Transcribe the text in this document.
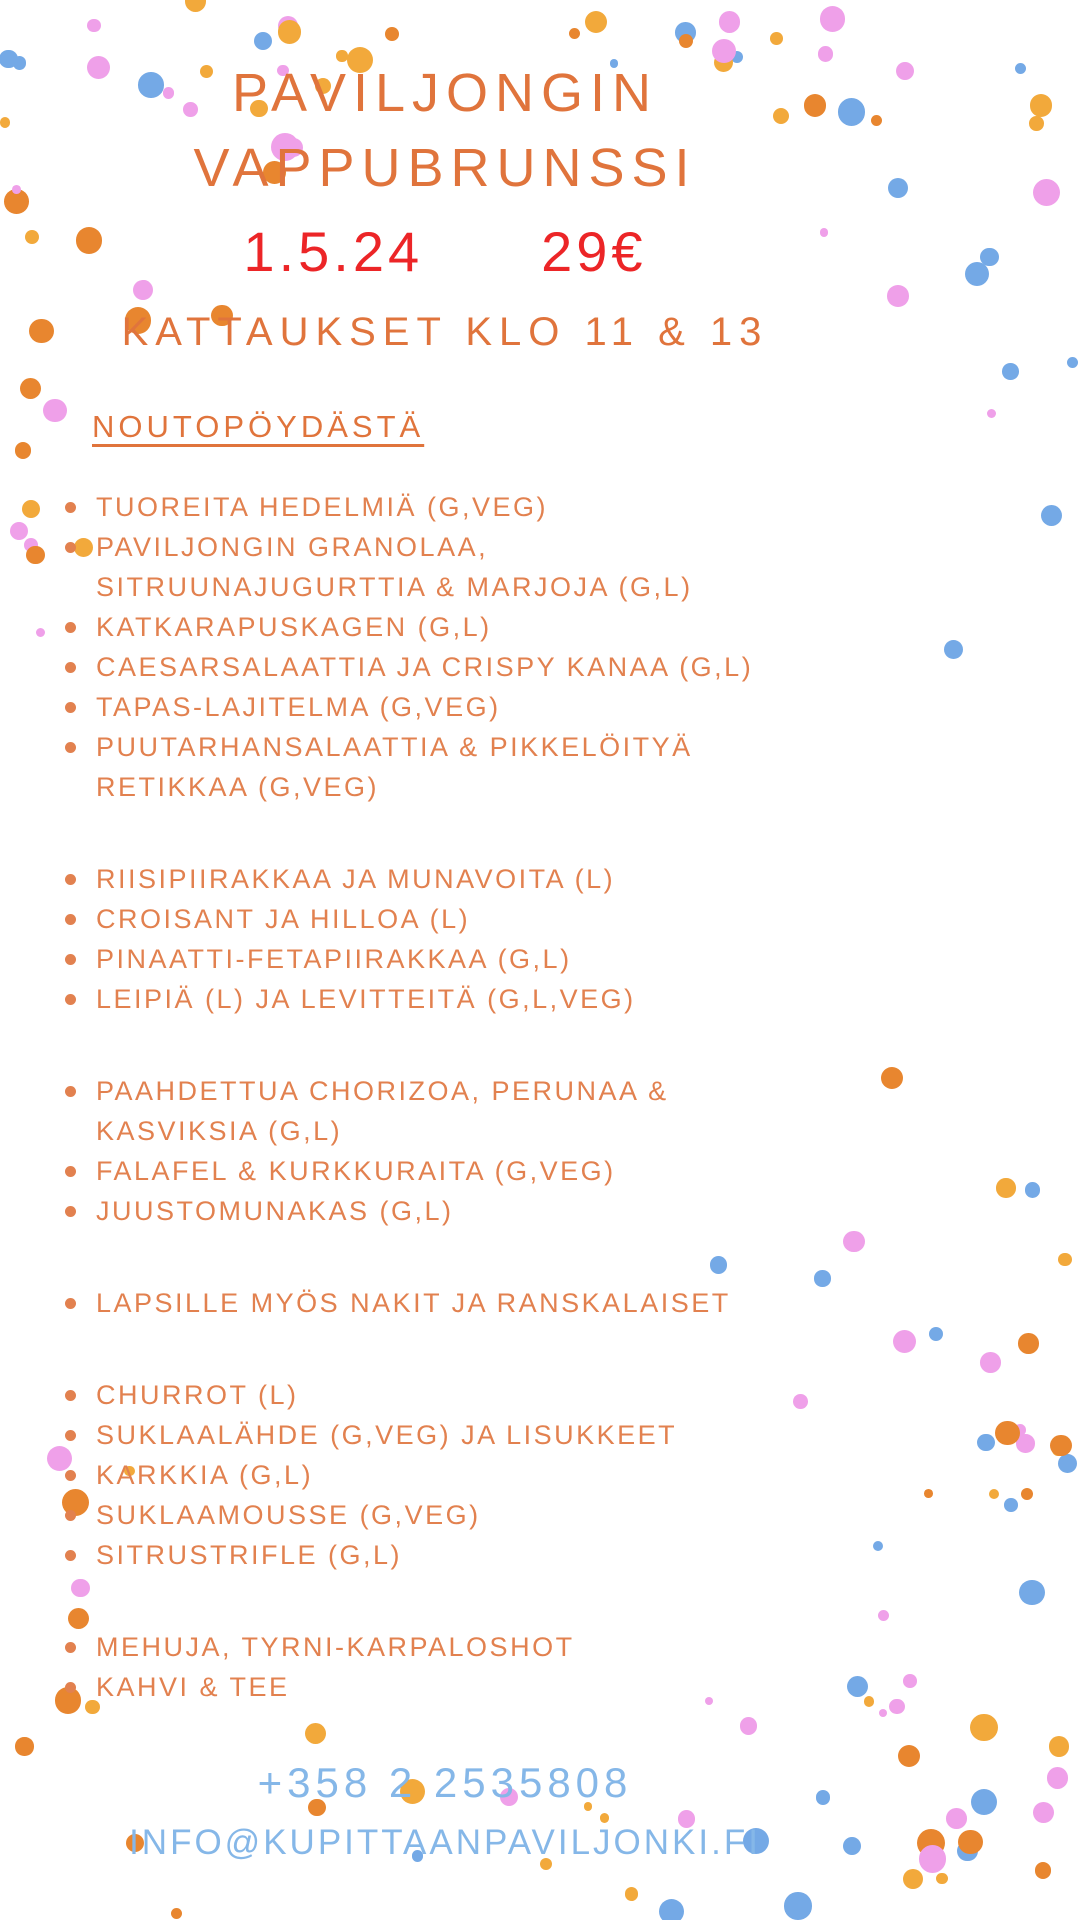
PAVILJONGIN
VAPPUBRUNSSI
1.5.24 29€
KATTAUKSET KLO 11 & 13
NOUTOPÖYDÄSTÄ
TUOREITA HEDELMIÄ (G,VEG)
PAVILJONGIN GRANOLAA, SITRUUNAJUGURTTIA & MARJOJA (G,L)
KATKARAPUSKAGEN (G,L)
CAESARSALAATTIA JA CRISPY KANAA (G,L)
TAPAS-LAJITELMA (G,VEG)
PUUTARHANSALAATTIA & PIKKELÖITYÄ RETIKKAA (G,VEG)
RIISIPIIRAKKAA JA MUNAVOITA (L)
CROISANT JA HILLOA (L)
PINAATTI-FETAPIIRAKKAA (G,L)
LEIPIÄ (L) JA LEVITTEITÄ (G,L,VEG)
PAAHDETTUA CHORIZOA, PERUNAA & KASVIKSIA (G,L)
FALAFEL & KURKKURAITA (G,VEG)
JUUSTOMUNAKAS (G,L)
LAPSILLE MYÖS NAKIT JA RANSKALAISET
CHURROT (L)
SUKLAALÄHDE (G,VEG) JA LISUKKEET
KARKKIA (G,L)
SUKLAAMOUSSE (G,VEG)
SITRUSTRIFLE (G,L)
MEHUJA, TYRNI-KARPALOSHOT
KAHVI & TEE
+358 2 2535808
INFO@KUPITTAANPAVILJONKI.FI
